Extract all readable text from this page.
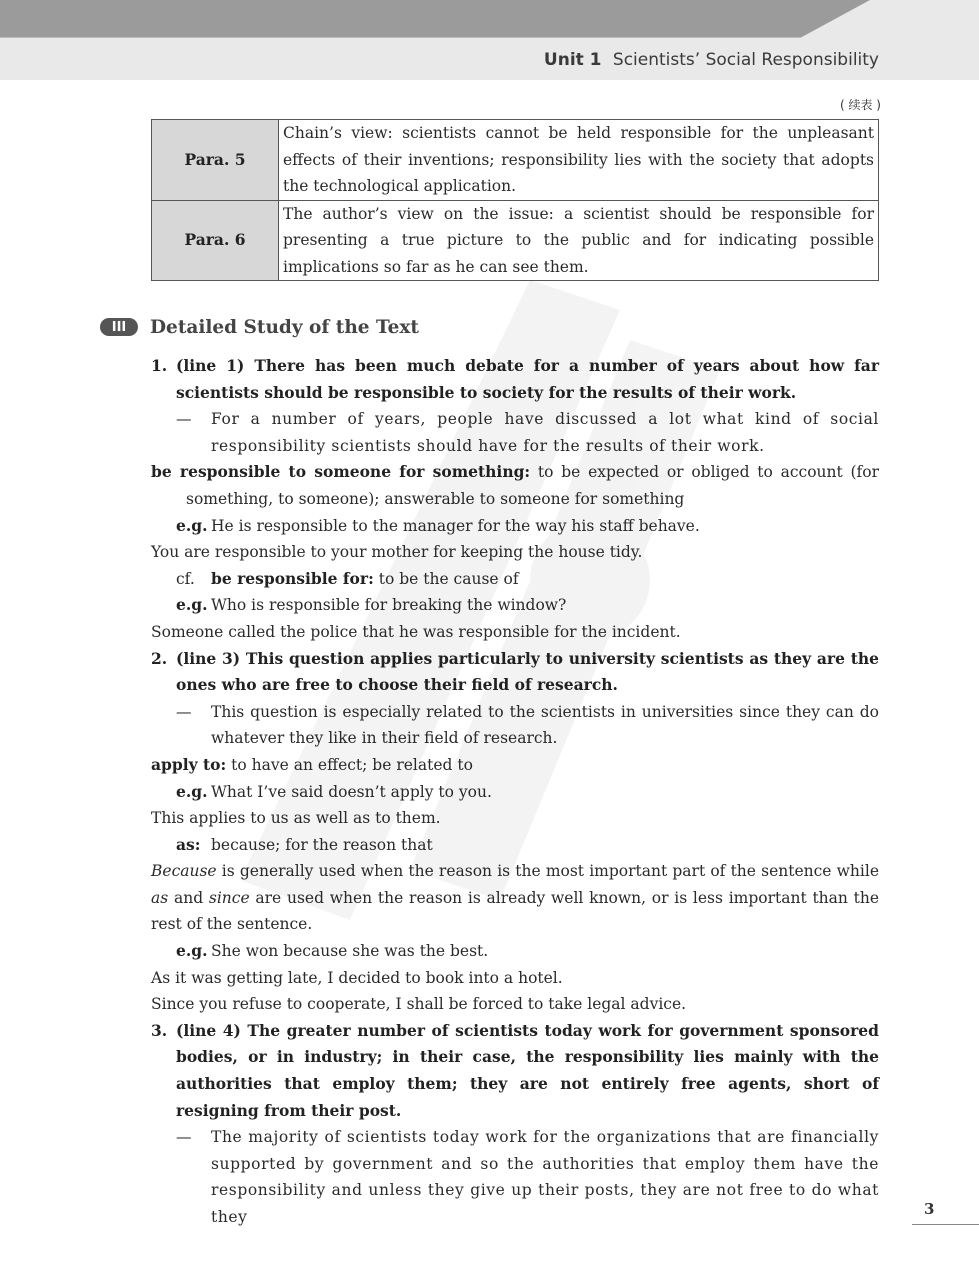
Unit 1 Scientists’ Social Responsibility
( 续表 )
Para. 5	Chain’s view: scientists cannot be held responsible for the unpleasant effects of their inventions; responsibility lies with the society that adopts the technological application.
Para. 6	The author’s view on the issue: a scientist should be responsible for presenting a true picture to the public and for indicating possible implications so far as he can see them.
III	Detailed Study of the Text
1. (line 1) There has been much debate for a number of years about how far scientists should be responsible to society for the results of their work.
—	For a number of years, people have discussed a lot what kind of social responsibility scientists should have for the results of their work.

be responsible to someone for something: to be expected or obliged to account (for something, to someone); answerable to someone for something

e.g. He is responsible to the manager for the way his staff behave.

You are responsible to your mother for keeping the house tidy.

cf.	be responsible for: to be the cause of
e.g. Who is responsible for breaking the window?

Someone called the police that he was responsible for the incident.

2. (line 3) This question applies particularly to university scientists as they are the ones who are free to choose their field of research.
—	This question is especially related to the scientists in universities since they can do whatever they like in their field of research.

apply to: to have an effect; be related to

e.g. What I’ve said doesn’t apply to you.

This applies to us as well as to them.

as: because; for the reason that

Because is generally used when the reason is the most important part of the sentence while as and since are used when the reason is already well known, or is less important than the rest of the sentence.

e.g. She won because she was the best.

As it was getting late, I decided to book into a hotel.

Since you refuse to cooperate, I shall be forced to take legal advice.

3. (line 4) The greater number of scientists today work for government sponsored bodies, or in industry; in their case, the responsibility lies mainly with the authorities that employ them; they are not entirely free agents, short of resigning from their post.
—	The majority of scientists today work for the organizations that are financially supported by government and so the authorities that employ them have the responsibility and unless they give up their posts, they are not free to do what they	3
